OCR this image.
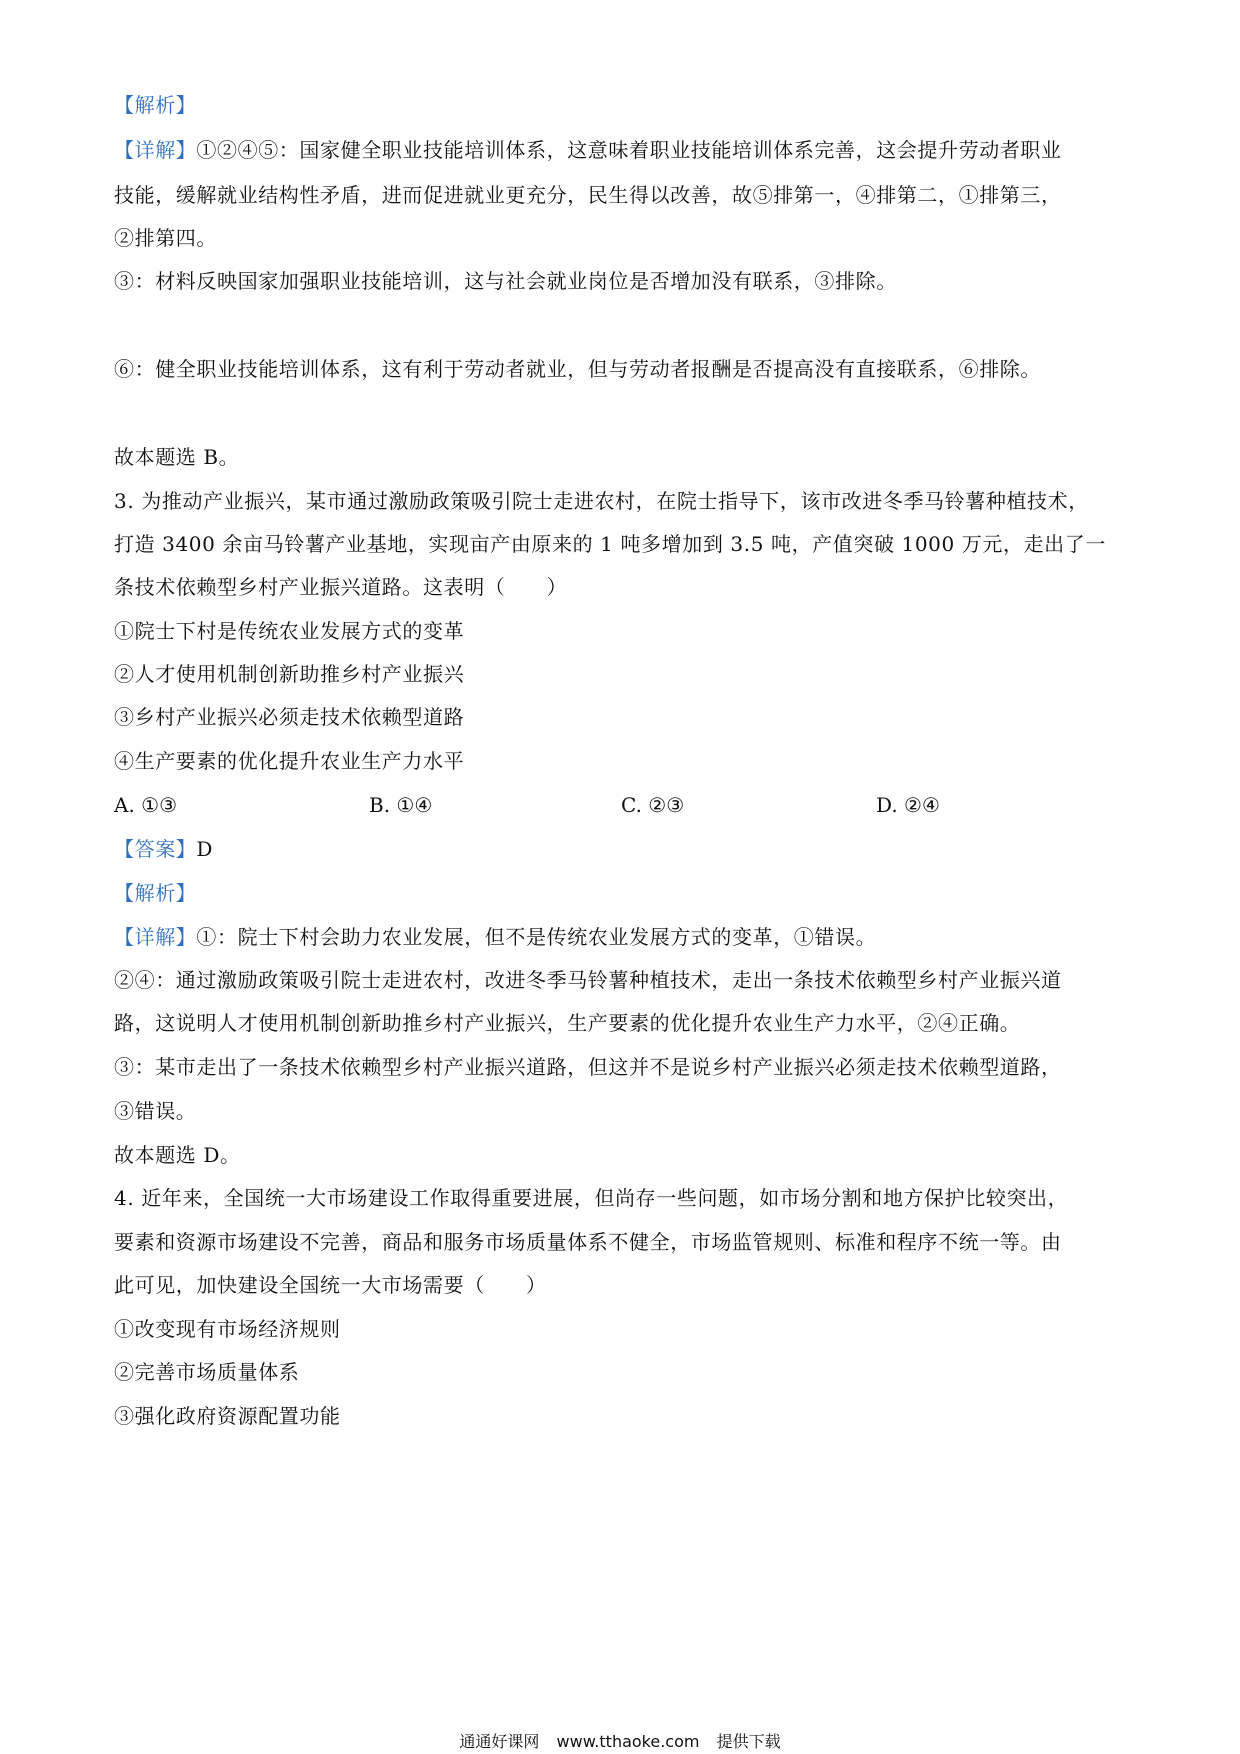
【解析】
【详解】①②④⑤：国家健全职业技能培训体系，这意味着职业技能培训体系完善，这会提升劳动者职业
技能，缓解就业结构性矛盾，进而促进就业更充分，民生得以改善，故⑤排第一，④排第二，①排第三，
②排第四。
③：材料反映国家加强职业技能培训，这与社会就业岗位是否增加没有联系，③排除。
⑥：健全职业技能培训体系，这有利于劳动者就业，但与劳动者报酬是否提高没有直接联系，⑥排除。
故本题选 B。
3. 为推动产业振兴，某市通过激励政策吸引院士走进农村，在院士指导下，该市改进冬季马铃薯种植技术，
打造 3400 余亩马铃薯产业基地，实现亩产由原来的 1 吨多增加到 3.5 吨，产值突破 1000 万元，走出了一
条技术依赖型乡村产业振兴道路。这表明（　　）
①院士下村是传统农业发展方式的变革
②人才使用机制创新助推乡村产业振兴
③乡村产业振兴必须走技术依赖型道路
④生产要素的优化提升农业生产力水平
A. ①③	B. ①④	C. ②③	D. ②④
【答案】D
【解析】
【详解】①：院士下村会助力农业发展，但不是传统农业发展方式的变革，①错误。
②④：通过激励政策吸引院士走进农村，改进冬季马铃薯种植技术，走出一条技术依赖型乡村产业振兴道
路，这说明人才使用机制创新助推乡村产业振兴，生产要素的优化提升农业生产力水平，②④正确。
③：某市走出了一条技术依赖型乡村产业振兴道路，但这并不是说乡村产业振兴必须走技术依赖型道路，
③错误。
故本题选 D。
4. 近年来，全国统一大市场建设工作取得重要进展，但尚存一些问题，如市场分割和地方保护比较突出，
要素和资源市场建设不完善，商品和服务市场质量体系不健全，市场监管规则、标准和程序不统一等。由
此可见，加快建设全国统一大市场需要（　　）
①改变现有市场经济规则
②完善市场质量体系
③强化政府资源配置功能
通通好课网 www.tthaoke.com 提供下载
